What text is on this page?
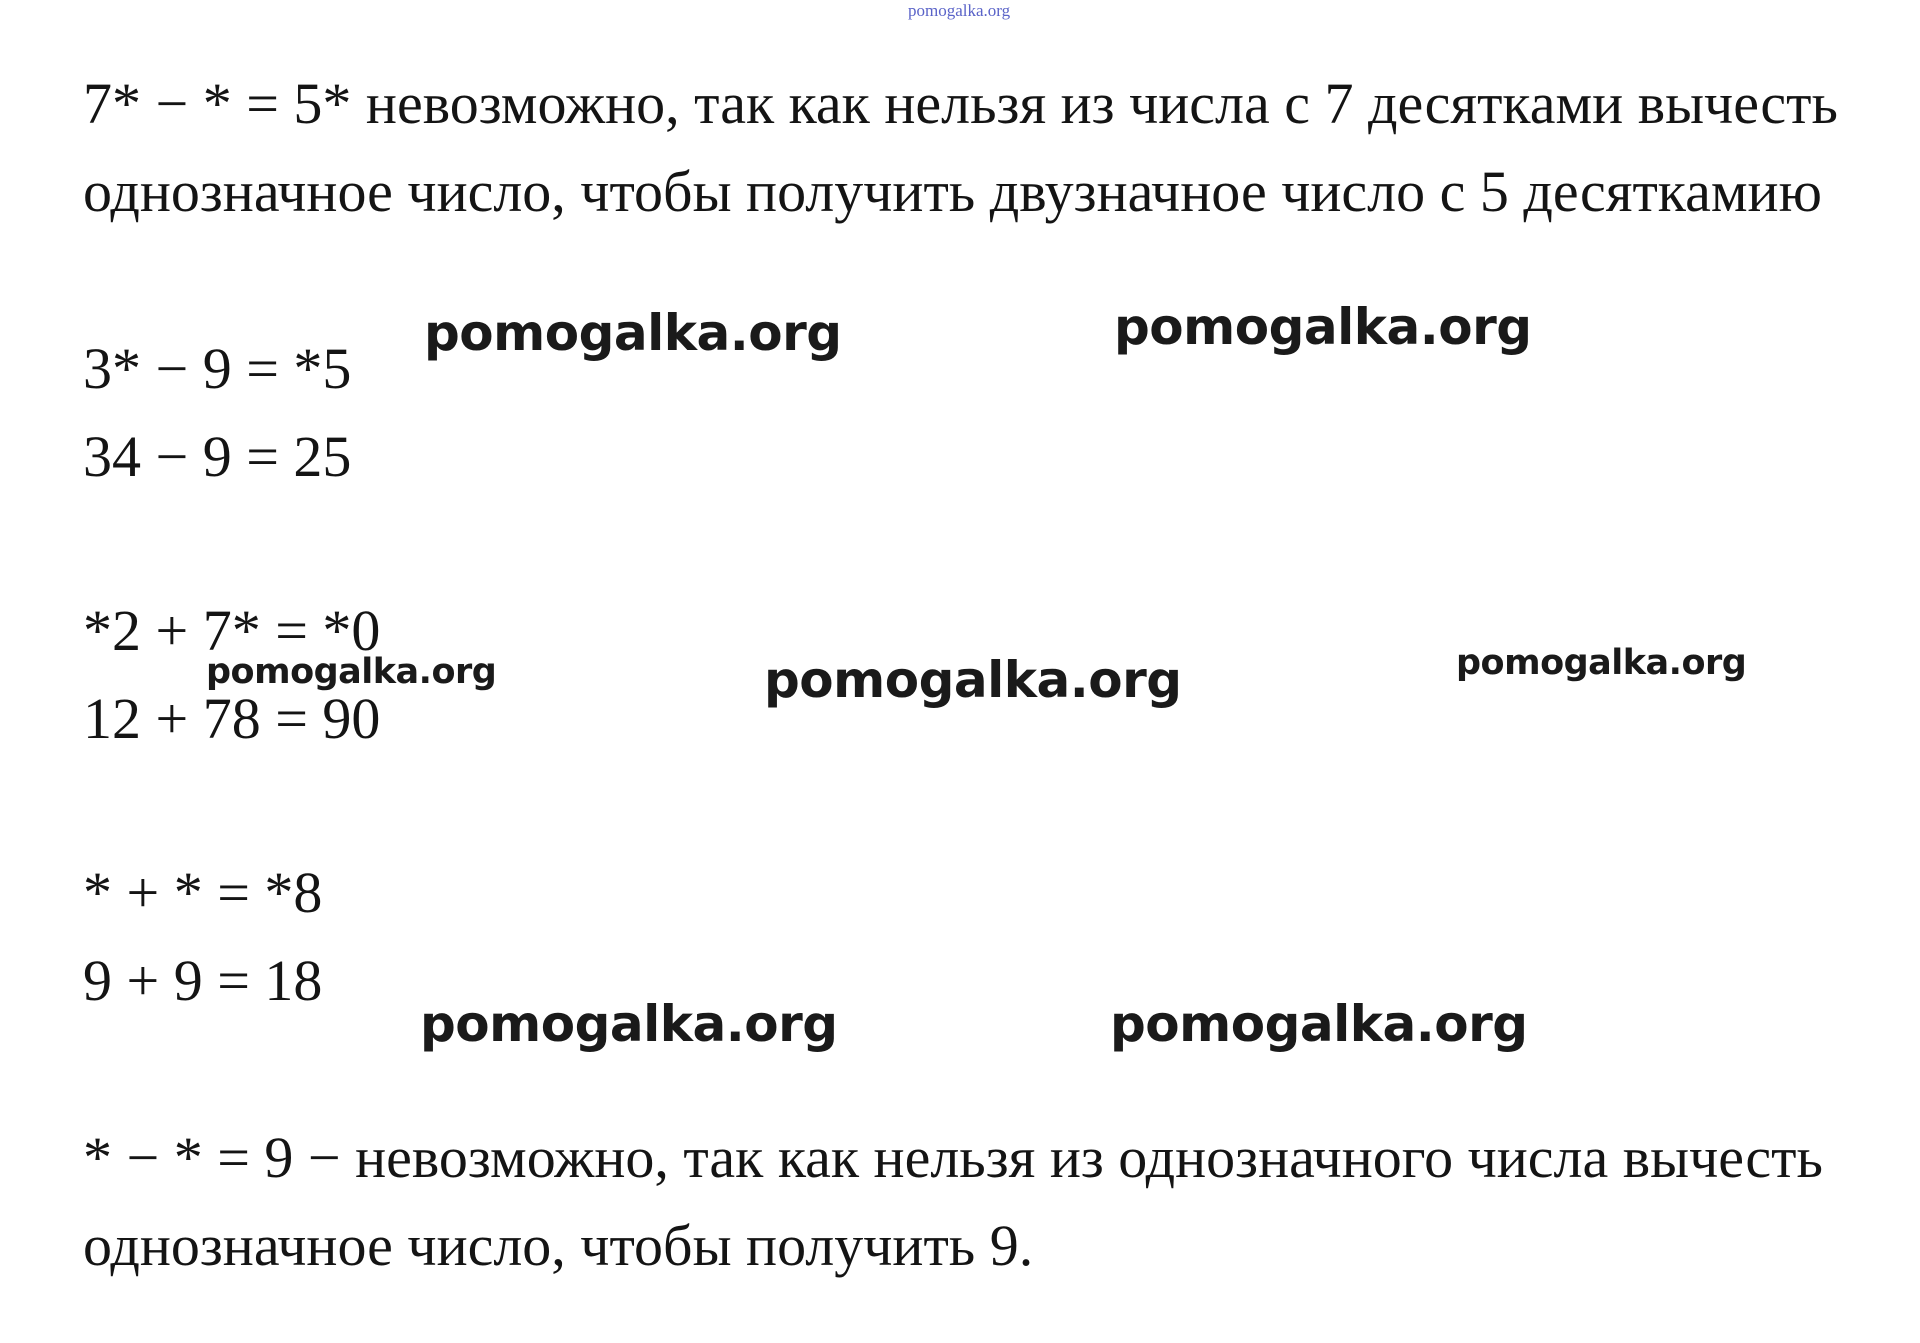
pomogalka.org
7* − * = 5* невозможно, так как нельзя из числа с 7 десятками вычесть
однозначное число, чтобы получить двузначное число с 5 десяткамию
pomogalka.org	pomogalka.org
3* − 9 = *5
34 − 9 = 25
*2 + 7* = *0
pomogalka.org	pomogalka.org	pomogalka.org
12 + 78 = 90
* + * = *8
9 + 9 = 18
pomogalka.org	pomogalka.org
* − * = 9 − невозможно, так как нельзя из однозначного числа вычесть
однозначное число, чтобы получить 9.
